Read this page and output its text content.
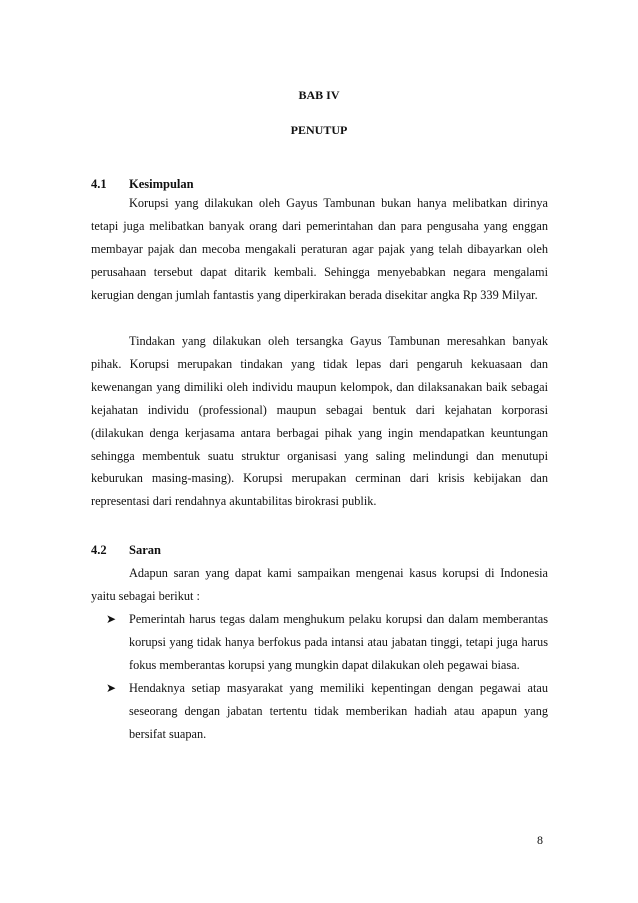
BAB IV
PENUTUP
4.1 Kesimpulan

Korupsi yang dilakukan oleh Gayus Tambunan bukan hanya melibatkan dirinya tetapi juga melibatkan banyak orang dari pemerintahan dan para pengusaha yang enggan membayar pajak dan mecoba mengakali peraturan agar pajak yang telah dibayarkan oleh perusahaan tersebut dapat ditarik kembali. Sehingga menyebabkan negara mengalami kerugian dengan jumlah fantastis yang diperkirakan berada disekitar angka Rp 339 Milyar.

Tindakan yang dilakukan oleh tersangka Gayus Tambunan meresahkan banyak pihak. Korupsi merupakan tindakan yang tidak lepas dari pengaruh kekuasaan dan kewenangan yang dimiliki oleh individu maupun kelompok, dan dilaksanakan baik sebagai kejahatan individu (professional) maupun sebagai bentuk dari kejahatan korporasi (dilakukan denga kerjasama antara berbagai pihak yang ingin mendapatkan keuntungan sehingga membentuk suatu struktur organisasi yang saling melindungi dan menutupi keburukan masing-masing). Korupsi merupakan cerminan dari krisis kebijakan dan representasi dari rendahnya akuntabilitas birokrasi publik.

4.2 Saran

Adapun saran yang dapat kami sampaikan mengenai kasus korupsi di Indonesia yaitu sebagai berikut :

➤	Pemerintah harus tegas dalam menghukum pelaku korupsi dan dalam memberantas korupsi yang tidak hanya berfokus pada intansi atau jabatan tinggi, tetapi juga harus fokus memberantas korupsi yang mungkin dapat dilakukan oleh pegawai biasa.
➤	Hendaknya setiap masyarakat yang memiliki kepentingan dengan pegawai atau seseorang dengan jabatan tertentu tidak memberikan hadiah atau apapun yang bersifat suapan.
8
